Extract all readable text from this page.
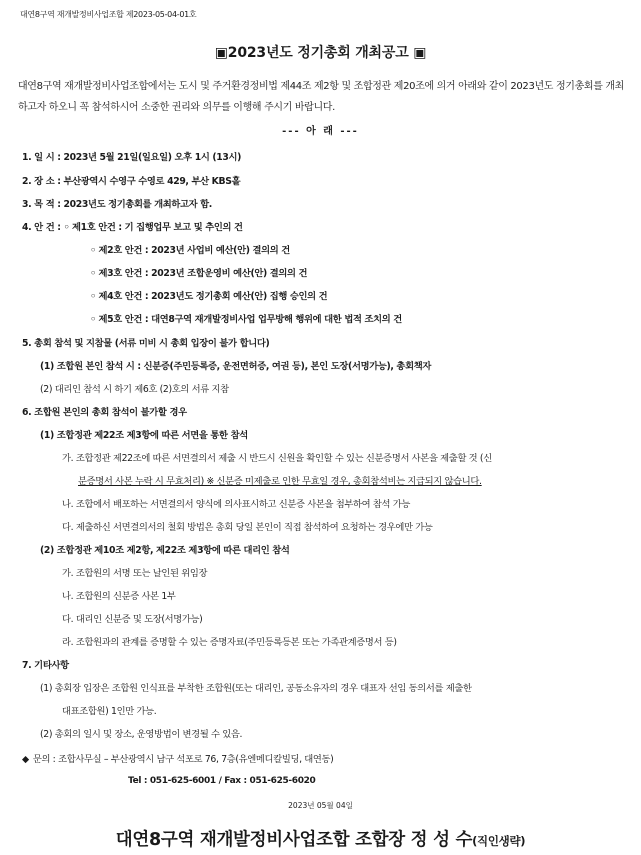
대연8구역 재개발정비사업조합 제2023-05-04-01호
▣2023년도 정기총회 개최공고 ▣
대연8구역 재개발정비사업조합에서는 도시 및 주거환경정비법 제44조 제2항 및 조합정관 제20조에 의거 아래와 같이 2023년도 정기총회를 개최하고자 하오니 꼭 참석하시어 소중한 권리와 의무를 이행해 주시기 바랍니다.
--- 아 래 ---
1. 일 시 : 2023년 5월 21일(일요일) 오후 1시 (13시)
2. 장 소 : 부산광역시 수영구 수영로 429, 부산 KBS홀
3. 목 적 : 2023년도 정기총회를 개최하고자 함.
4. 안 건 : ◦ 제1호 안건 : 기 집행업무 보고 및 추인의 건
◦ 제2호 안건 : 2023년 사업비 예산(안) 결의의 건
◦ 제3호 안건 : 2023년 조합운영비 예산(안) 결의의 건
◦ 제4호 안건 : 2023년도 정기총회 예산(안) 집행 승인의 건
◦ 제5호 안건 : 대연8구역 재개발정비사업 업무방해 행위에 대한 법적 조치의 건
5. 총회 참석 및 지참물 (서류 미비 시 총회 입장이 불가 합니다)
(1) 조합원 본인 참석 시 : 신분증(주민등록증, 운전면허증, 여권 등), 본인 도장(서명가능), 총회책자
(2) 대리인 참석 시 하기 제6호 (2)호의 서류 지참
6. 조합원 본인의 총회 참석이 불가할 경우
(1) 조합정관 제22조 제3항에 따른 서면을 통한 참석
가. 조합정관 제22조에 따른 서면결의서 제출 시 반드시 신원을 확인할 수 있는 신분증명서 사본을 제출할 것 (신
분증명서 사본 누락 시 무효처리) ※ 신분증 미제출로 인한 무효일 경우, 총회참석비는 지급되지 않습니다.
나. 조합에서 배포하는 서면결의서 양식에 의사표시하고 신분증 사본을 첨부하여 참석 가능
다. 제출하신 서면결의서의 철회 방법은 총회 당일 본인이 직접 참석하여 요청하는 경우에만 가능
(2) 조합정관 제10조 제2항, 제22조 제3항에 따른 대리인 참석
가. 조합원의 서명 또는 날인된 위임장
나. 조합원의 신분증 사본 1부
다. 대리인 신분증 및 도장(서명가능)
라. 조합원과의 관계를 증명할 수 있는 증명자료(주민등록등본 또는 가족관계증명서 등)
7. 기타사항
(1) 총회장 입장은 조합원 인식표를 부착한 조합원(또는 대리인, 공동소유자의 경우 대표자 선임 동의서를 제출한
대표조합원) 1인만 가능.
(2) 총회의 일시 및 장소, 운영방법이 변경될 수 있음.
◆ 문의 : 조합사무실 – 부산광역시 남구 석포로 76, 7층(유엔메디칼빌딩, 대연동)
Tel : 051-625-6001 / Fax : 051-625-6020
2023년 05월 04일
대연8구역 재개발정비사업조합 조합장 정 성 수(직인생략)
